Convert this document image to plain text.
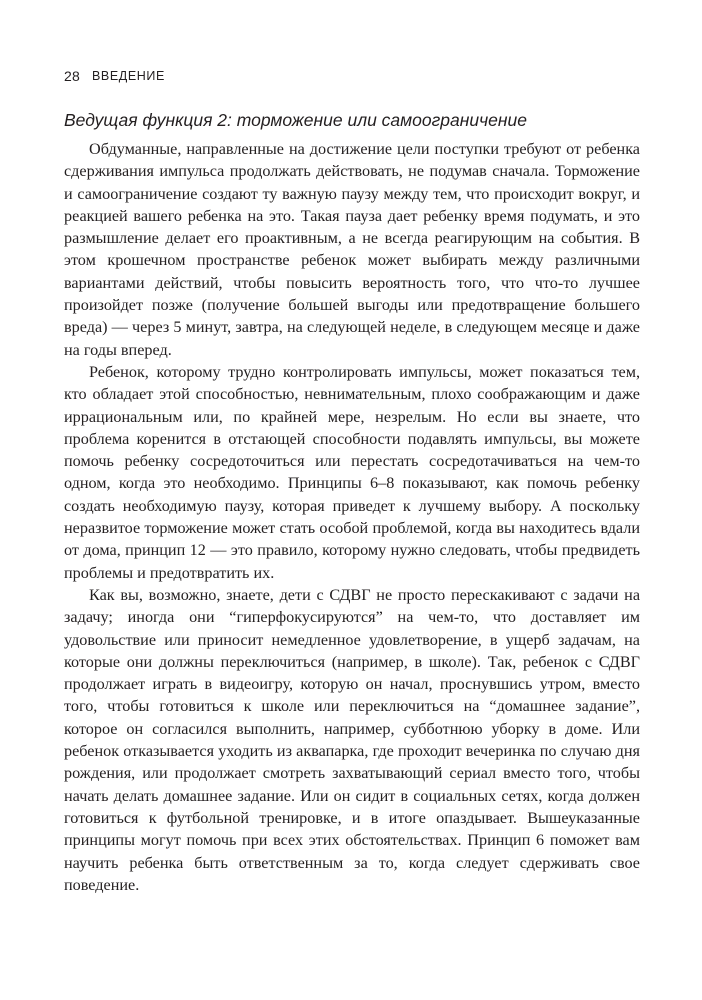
28 ВВЕДЕНИЕ
Ведущая функция 2: торможение или самоограничение

Обдуманные, направленные на достижение цели поступки требуют от ребенка сдерживания импульса продолжать действовать, не подумав сначала. Торможение и самоограничение создают ту важную паузу между тем, что происходит вокруг, и реакцией вашего ребенка на это. Такая пауза дает ребенку время подумать, и это размышление делает его проактивным, а не всегда реагирующим на события. В этом крошечном пространстве ребенок может выбирать между различными вариантами действий, чтобы повысить вероятность того, что что-то лучшее произойдет позже (получение большей выгоды или предотвращение большего вреда) — через 5 минут, завтра, на следующей неделе, в следующем месяце и даже на годы вперед.

Ребенок, которому трудно контролировать импульсы, может показаться тем, кто обладает этой способностью, невнимательным, плохо соображающим и даже иррациональным или, по крайней мере, незрелым. Но если вы знаете, что проблема коренится в отстающей способности подавлять импульсы, вы можете помочь ребенку сосредоточиться или перестать сосредотачиваться на чем-то одном, когда это необходимо. Принципы 6–8 показывают, как помочь ребенку создать необходимую паузу, которая приведет к лучшему выбору. А поскольку неразвитое торможение может стать особой проблемой, когда вы находитесь вдали от дома, принцип 12 — это правило, которому нужно следовать, чтобы предвидеть проблемы и предотвратить их.

Как вы, возможно, знаете, дети с СДВГ не просто перескакивают с задачи на задачу; иногда они “гиперфокусируются” на чем-то, что доставляет им удовольствие или приносит немедленное удовлетворение, в ущерб задачам, на которые они должны переключиться (например, в школе). Так, ребенок с СДВГ продолжает играть в видеоигру, которую он начал, проснувшись утром, вместо того, чтобы готовиться к школе или переключиться на “домашнее задание”, которое он согласился выполнить, например, субботнюю уборку в доме. Или ребенок отказывается уходить из аквапарка, где проходит вечеринка по случаю дня рождения, или продолжает смотреть захватывающий сериал вместо того, чтобы начать делать домашнее задание. Или он сидит в социальных сетях, когда должен готовиться к футбольной тренировке, и в итоге опаздывает. Вышеуказанные принципы могут помочь при всех этих обстоятельствах. Принцип 6 поможет вам научить ребенка быть ответственным за то, когда следует сдерживать свое поведение.
